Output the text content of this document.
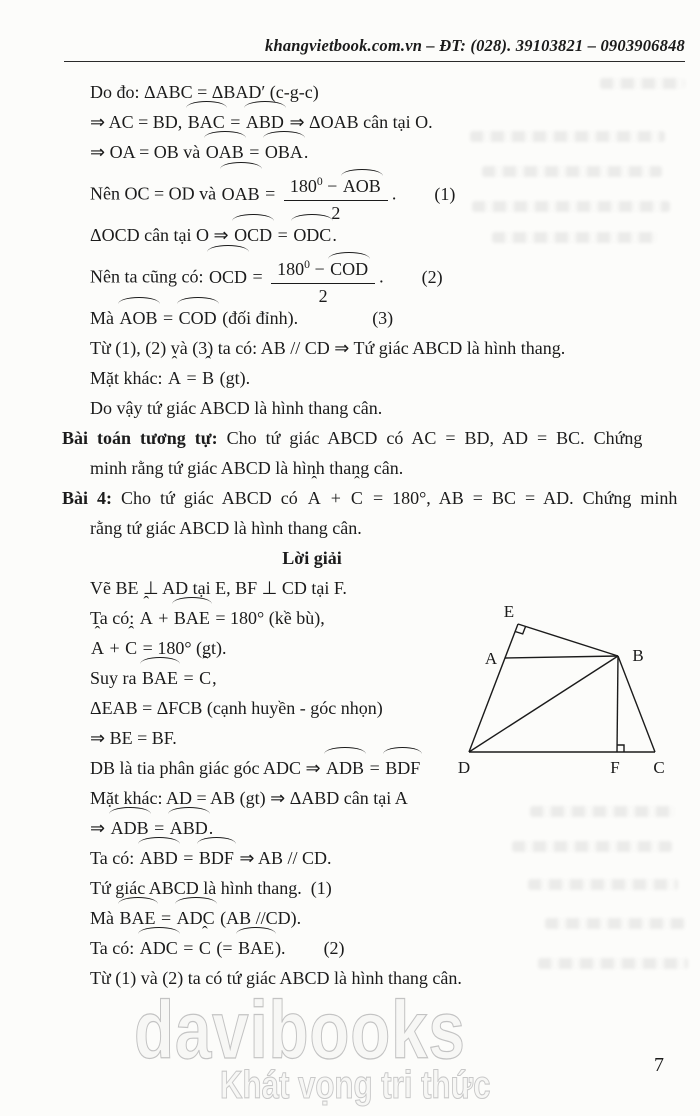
khangvietbook.com.vn – ĐT: (028). 39103821 – 0903906848
Do đo: ΔABC = ΔBAD′ (c-g-c)
⇒ AC = BD,
BAC =
ABD ⇒ ΔOAB cân tại O.
⇒ OA = OB và
OAB =
OBA.
Nên OC = OD và
OAB = $180^0$ −
AOB
2 . (1)
ΔOCD cân tại O ⇒
OCD =
ODC.
Nên ta cũng có:
OCD = $180^0$ −
COD
2 . (2)
Mà
AOB =
COD (đối đỉnh).        (3)
Từ (1), (2) và (3) ta có: AB // CD ⇒ Tứ giác ABCD là hình thang.
Mặt khác:
ˆ
A =
ˆ
B (gt).
Do vậy tứ giác ABCD là hình thang cân.
Bài toán tương tự: Cho tứ giác ABCD có AC = BD, AD = BC. Chứng
minh rằng tứ giác ABCD là hình thang cân.
Bài 4: Cho tứ giác ABCD có
ˆ
A +
ˆ
C = 180°, AB = BC = AD. Chứng minh
rằng tứ giác ABCD là hình thang cân.
Lời giải
Vẽ BE ⊥ AD tại E, BF ⊥ CD tại F.
Ta có:
ˆ
A +
BAE = 180° (kề bù),
ˆ
A +
ˆ
C = 180° (gt).
Suy ra
BAE =
ˆ
C,
ΔEAB = ΔFCB (cạnh huyền - góc nhọn)
⇒ BE = BF.
DB là tia phân giác góc ADC ⇒
ADB =
BDF
Mặt khác: AD = AB (gt) ⇒ ΔABD cân tại A
⇒
ADB =
ABD.
Ta có:
ABD =
BDF ⇒ AB // CD.
Tứ giác ABCD là hình thang.  (1)
Mà
BAE =
ADC (AB //CD).
Ta có:
ADC =
ˆ
C (=
BAE). (2)
Từ (1) và (2) ta có tứ giác ABCD là hình thang cân.
E
A	B
D	F C
davibooks
Khát vọng tri thức	7
